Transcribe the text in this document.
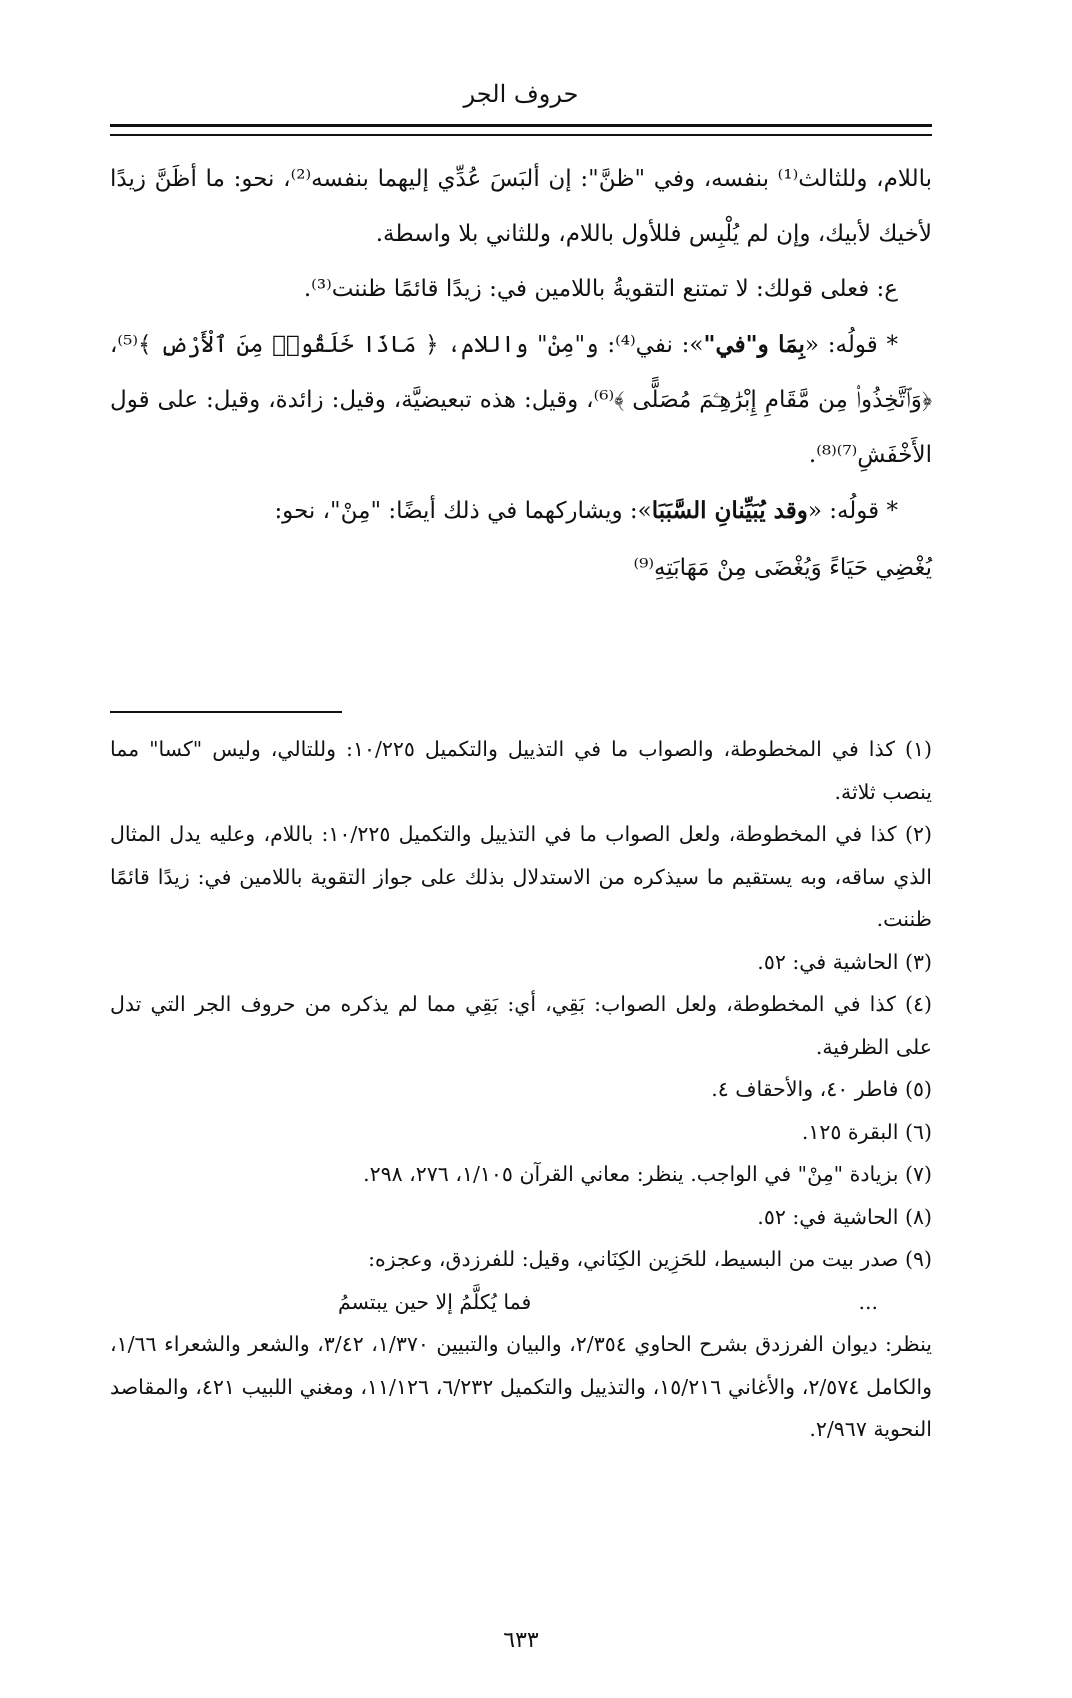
حروف الجر

باللام، وللثالث⁽¹⁾ بنفسه، وفي "ظنَّ": إن ألبَسَ عُدِّي إليهما بنفسه⁽²⁾، نحو: ما أظَنَّ زيدًا لأخيك لأبيك، وإن لم يُلْبِس فللأول باللام، وللثاني بلا واسطة.

ع: فعلى قولك: لا تمتنع التقويةُ باللامين في: زيدًا قائمًا ظننت⁽³⁾.

* قولُه: «بِمَا و"في"»: نفي⁽⁴⁾: و"مِنْ" واللام، ﴿ مَاذَا خَلَقُوا۟ مِنَ ٱلْأَرْضِ ﴾⁽⁵⁾، ﴿وَٱتَّخِذُوا۟ مِن مَّقَامِ إِبْرَٰهِـۧمَ مُصَلًّى ﴾⁽⁶⁾، وقيل: هذه تبعيضيَّة، وقيل: زائدة، وقيل: على قول الأَخْفَشِ⁽⁷⁾⁽⁸⁾.

* قولُه: «وقد يُبَيِّنانِ السَّبَبَا»: ويشاركهما في ذلك أيضًا: "مِنْ"، نحو:

يُغْضِي حَيَاءً وَيُغْضَى مِنْ مَهَابَتِهِ⁽⁹⁾

(١) كذا في المخطوطة، والصواب ما في التذييل والتكميل ١٠/٢٢٥: وللتالي، وليس "كسا" مما ينصب ثلاثة.

(٢) كذا في المخطوطة، ولعل الصواب ما في التذييل والتكميل ١٠/٢٢٥: باللام، وعليه يدل المثال الذي ساقه، وبه يستقيم ما سيذكره من الاستدلال بذلك على جواز التقوية باللامين في: زيدًا قائمًا ظننت.

(٣) الحاشية في: ٥٢.

(٤) كذا في المخطوطة، ولعل الصواب: بَقِي، أي: بَقِي مما لم يذكره من حروف الجر التي تدل على الظرفية.

(٥) فاطر ٤٠، والأحقاف ٤.

(٦) البقرة ١٢٥.

(٧) بزيادة "مِنْ" في الواجب. ينظر: معاني القرآن ١/١٠٥، ٢٧٦، ٢٩٨.

(٨) الحاشية في: ٥٢.

(٩) صدر بيت من البسيط، للحَزِين الكِنَاني، وقيل: للفرزدق، وعجزه:

...
فما يُكلَّمُ إلا حين يبتسمُ

ينظر: ديوان الفرزدق بشرح الحاوي ٢/٣٥٤، والبيان والتبيين ١/٣٧٠، ٣/٤٢، والشعر والشعراء ١/٦٦، والكامل ٢/٥٧٤، والأغاني ١٥/٢١٦، والتذييل والتكميل ٦/٢٣٢، ١١/١٢٦، ومغني اللبيب ٤٢١، والمقاصد النحوية ٢/٩٦٧.

٦٣٣
